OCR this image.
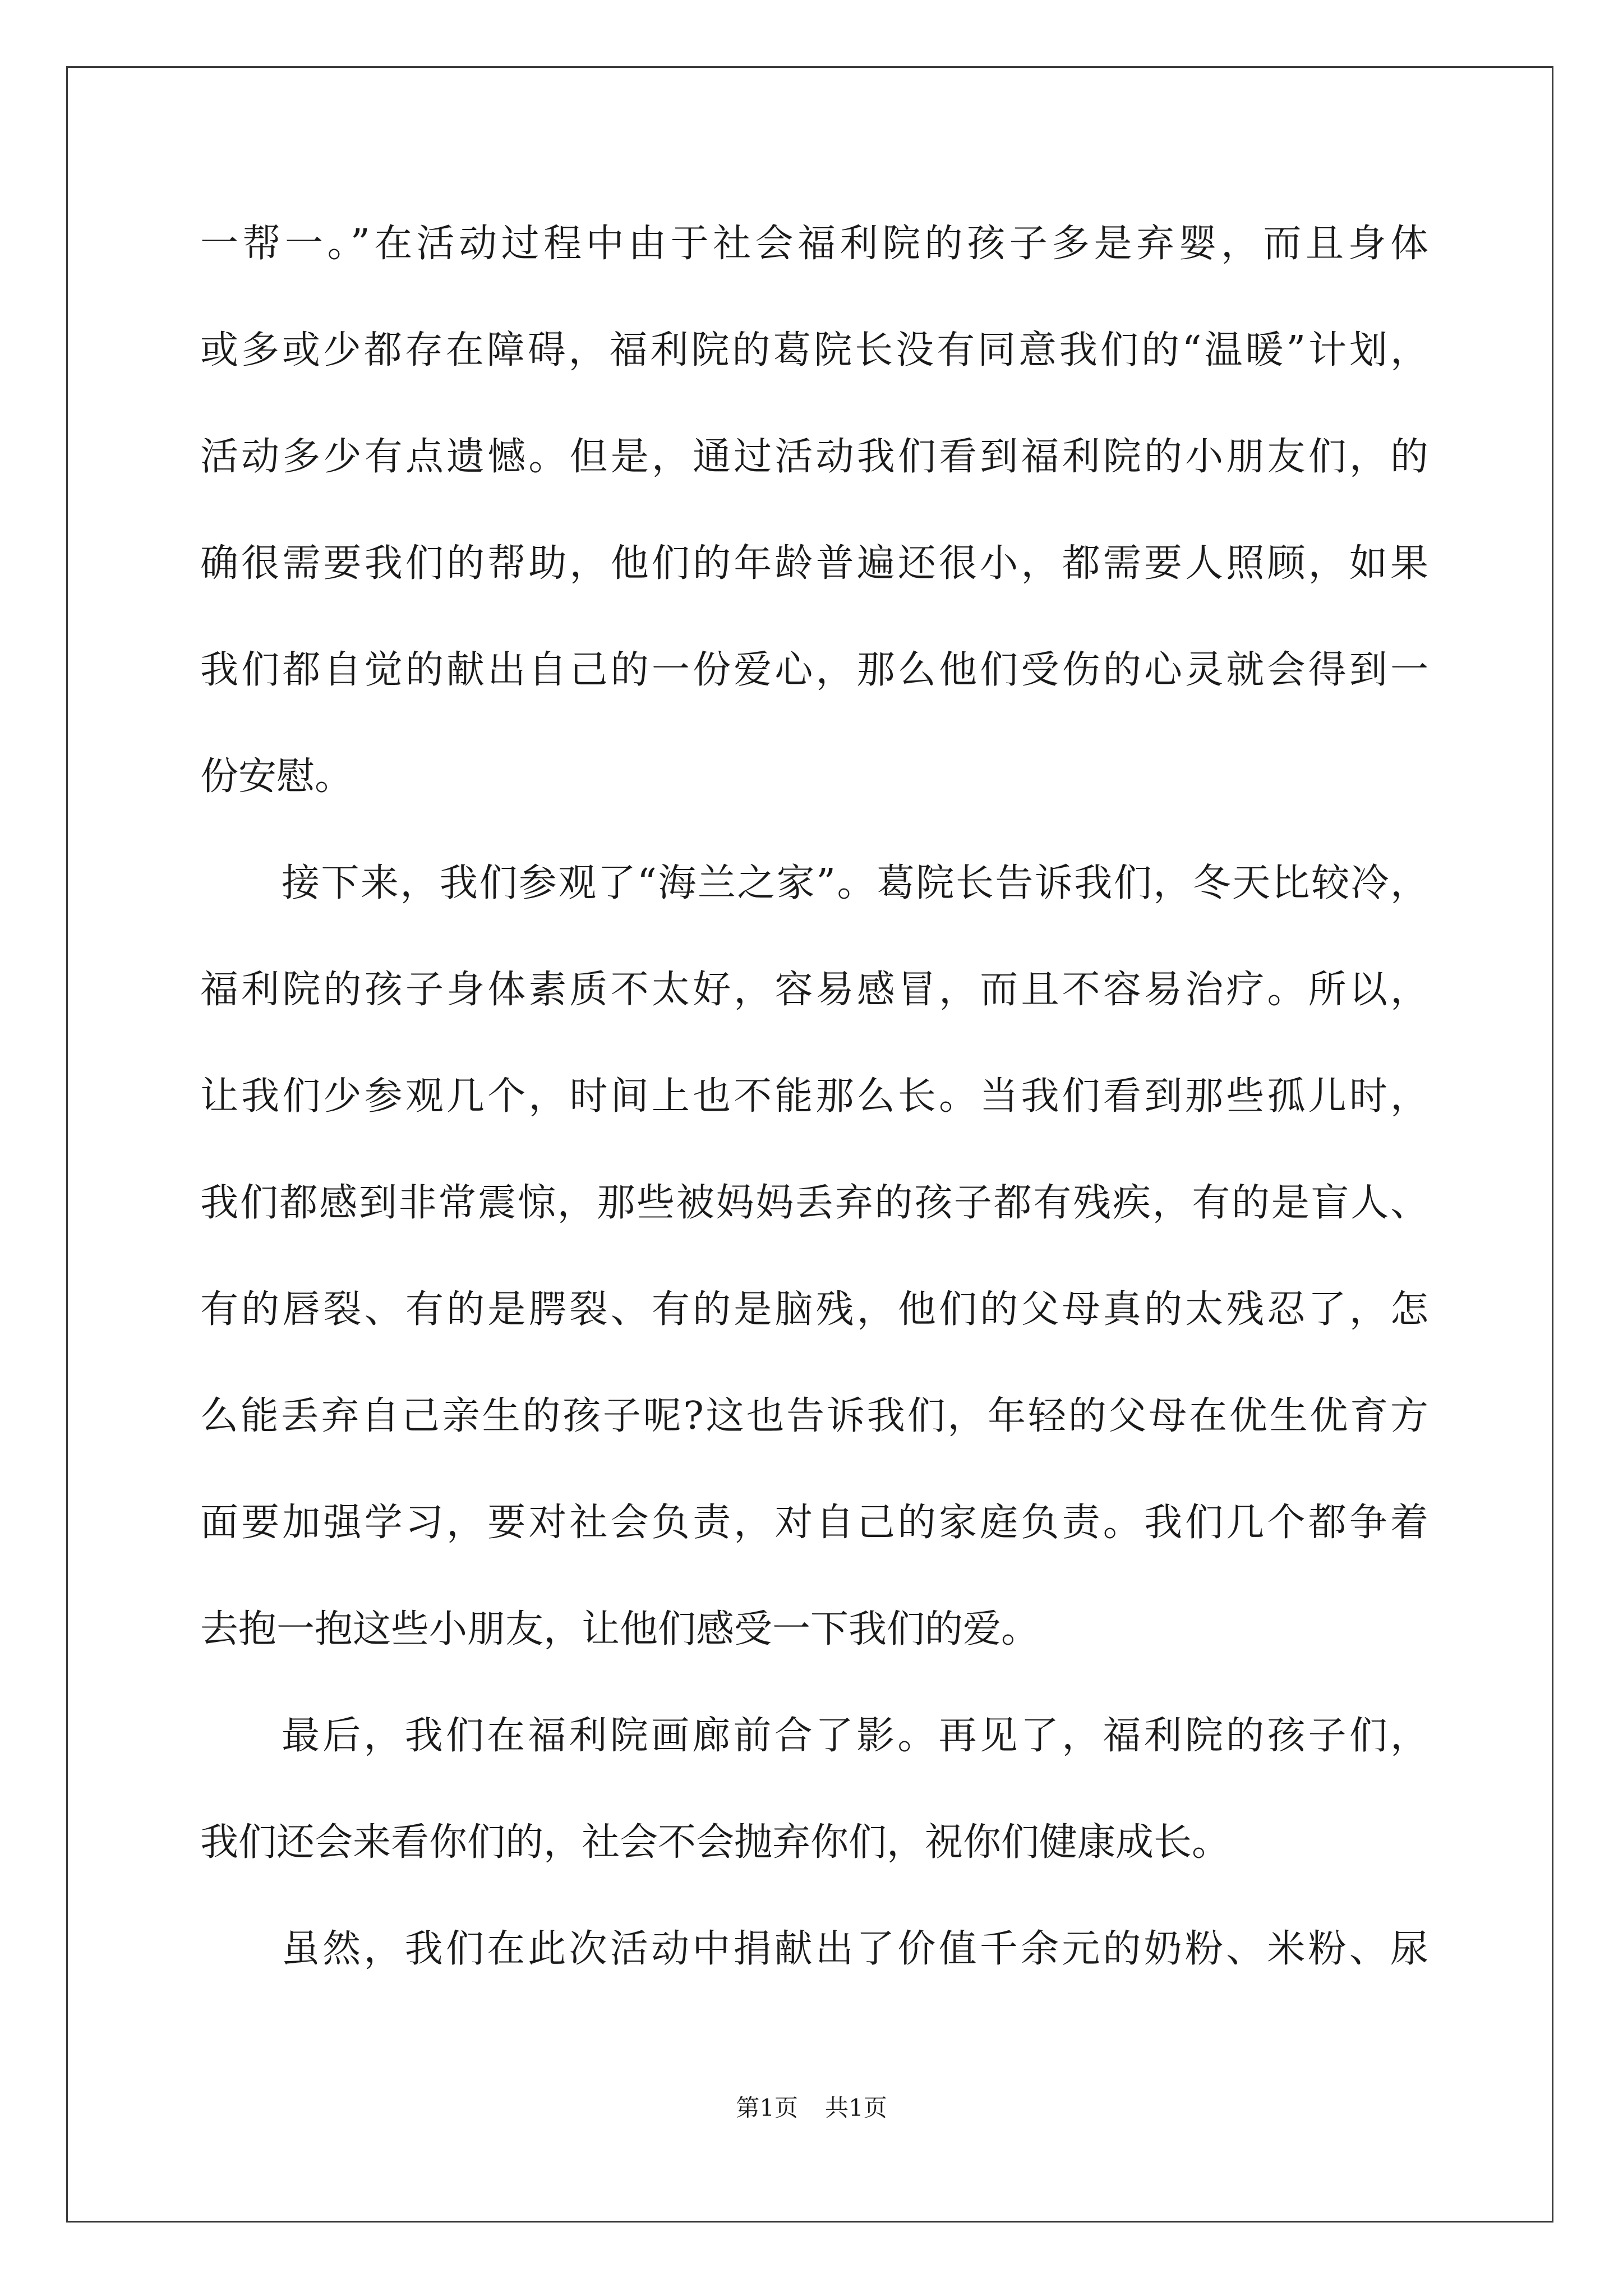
一帮一。”在活动过程中由于社会福利院的孩子多是弃婴，而且身体
或多或少都存在障碍，福利院的葛院长没有同意我们的“温暖”计划，
活动多少有点遗憾。但是，通过活动我们看到福利院的小朋友们，的
确很需要我们的帮助，他们的年龄普遍还很小，都需要人照顾，如果
我们都自觉的献出自己的一份爱心，那么他们受伤的心灵就会得到一
份安慰。
接下来，我们参观了“海兰之家”。葛院长告诉我们，冬天比较冷，
福利院的孩子身体素质不太好，容易感冒，而且不容易治疗。所以，
让我们少参观几个，时间上也不能那么长。当我们看到那些孤儿时，
我们都感到非常震惊，那些被妈妈丢弃的孩子都有残疾，有的是盲人、
有的唇裂、有的是腭裂、有的是脑残，他们的父母真的太残忍了，怎
么能丢弃自己亲生的孩子呢?这也告诉我们，年轻的父母在优生优育方
面要加强学习，要对社会负责，对自己的家庭负责。我们几个都争着
去抱一抱这些小朋友，让他们感受一下我们的爱。
最后，我们在福利院画廊前合了影。再见了，福利院的孩子们，
我们还会来看你们的，社会不会抛弃你们，祝你们健康成长。
虽然，我们在此次活动中捐献出了价值千余元的奶粉、米粉、尿
第1页 共1页
